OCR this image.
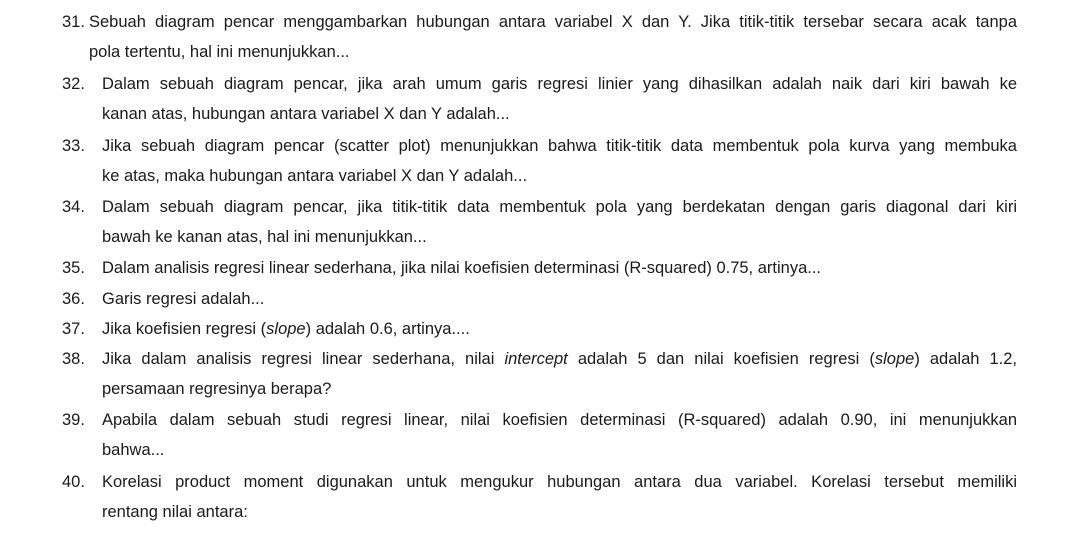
31. Sebuah diagram pencar menggambarkan hubungan antara variabel X dan Y. Jika titik-titik tersebar secara acak tanpa
pola tertentu, hal ini menunjukkan...
32. Dalam sebuah diagram pencar, jika arah umum garis regresi linier yang dihasilkan adalah naik dari kiri bawah ke
kanan atas, hubungan antara variabel X dan Y adalah...
33. Jika sebuah diagram pencar (scatter plot) menunjukkan bahwa titik-titik data membentuk pola kurva yang membuka
ke atas, maka hubungan antara variabel X dan Y adalah...
34. Dalam sebuah diagram pencar, jika titik-titik data membentuk pola yang berdekatan dengan garis diagonal dari kiri
bawah ke kanan atas, hal ini menunjukkan...
35. Dalam analisis regresi linear sederhana, jika nilai koefisien determinasi (R-squared) 0.75, artinya...
36. Garis regresi adalah...
37. Jika koefisien regresi (slope) adalah 0.6, artinya....
38. Jika dalam analisis regresi linear sederhana, nilai intercept adalah 5 dan nilai koefisien regresi (slope) adalah 1.2,
persamaan regresinya berapa?
39. Apabila dalam sebuah studi regresi linear, nilai koefisien determinasi (R-squared) adalah 0.90, ini menunjukkan
bahwa...
40. Korelasi product moment digunakan untuk mengukur hubungan antara dua variabel. Korelasi tersebut memiliki
rentang nilai antara:
